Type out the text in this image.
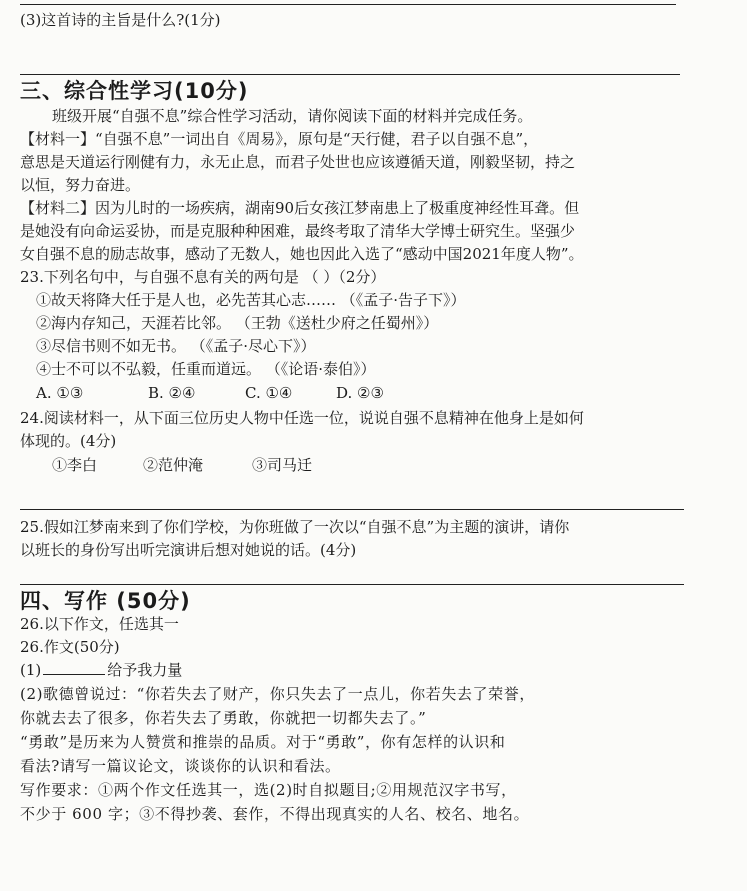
(3)这首诗的主旨是什么?(1分)
三、综合性学习(10分)
班级开展“自强不息”综合性学习活动，请你阅读下面的材料并完成任务。
【材料一】“自强不息”一词出自《周易》，原句是“天行健，君子以自强不息”，
意思是天道运行刚健有力，永无止息，而君子处世也应该遵循天道，刚毅坚韧，持之
以恒，努力奋进。
【材料二】因为儿时的一场疾病，湖南90后女孩江梦南患上了极重度神经性耳聋。但
是她没有向命运妥协，而是克服种种困难，最终考取了清华大学博士研究生。坚强少
女自强不息的励志故事，感动了无数人，她也因此入选了“感动中国2021年度人物”。
23.下列名句中，与自强不息有关的两句是 （ ）（2分）
①故天将降大任于是人也，必先苦其心志…… （《孟子·告子下》）
②海内存知己，天涯若比邻。 （王勃《送杜少府之任蜀州》）
③尽信书则不如无书。 （《孟子·尽心下》）
④士不可以不弘毅，任重而道远。 （《论语·泰伯》）
A. ①③	B. ②④	C. ①④	D. ②③
24.阅读材料一，从下面三位历史人物中任选一位，说说自强不息精神在他身上是如何
体现的。(4分)
①李白	②范仲淹	③司马迁
25.假如江梦南来到了你们学校，为你班做了一次以“自强不息”为主题的演讲，请你
以班长的身份写出听完演讲后想对她说的话。(4分)
四、写作 (50分)
26.以下作文，任选其一
26.作文(50分)
(1)	给予我力量
(2)歌德曾说过：“你若失去了财产，你只失去了一点儿，你若失去了荣誉，
你就去去了很多，你若失去了勇敢，你就把一切都失去了。”
“勇敢”是历来为人赞赏和推崇的品质。对于“勇敢”，你有怎样的认识和
看法?请写一篇议论文，谈谈你的认识和看法。
写作要求：①两个作文任选其一，选(2)时自拟题目;②用规范汉字书写，
不少于 600 字；③不得抄袭、套作，不得出现真实的人名、校名、地名。
